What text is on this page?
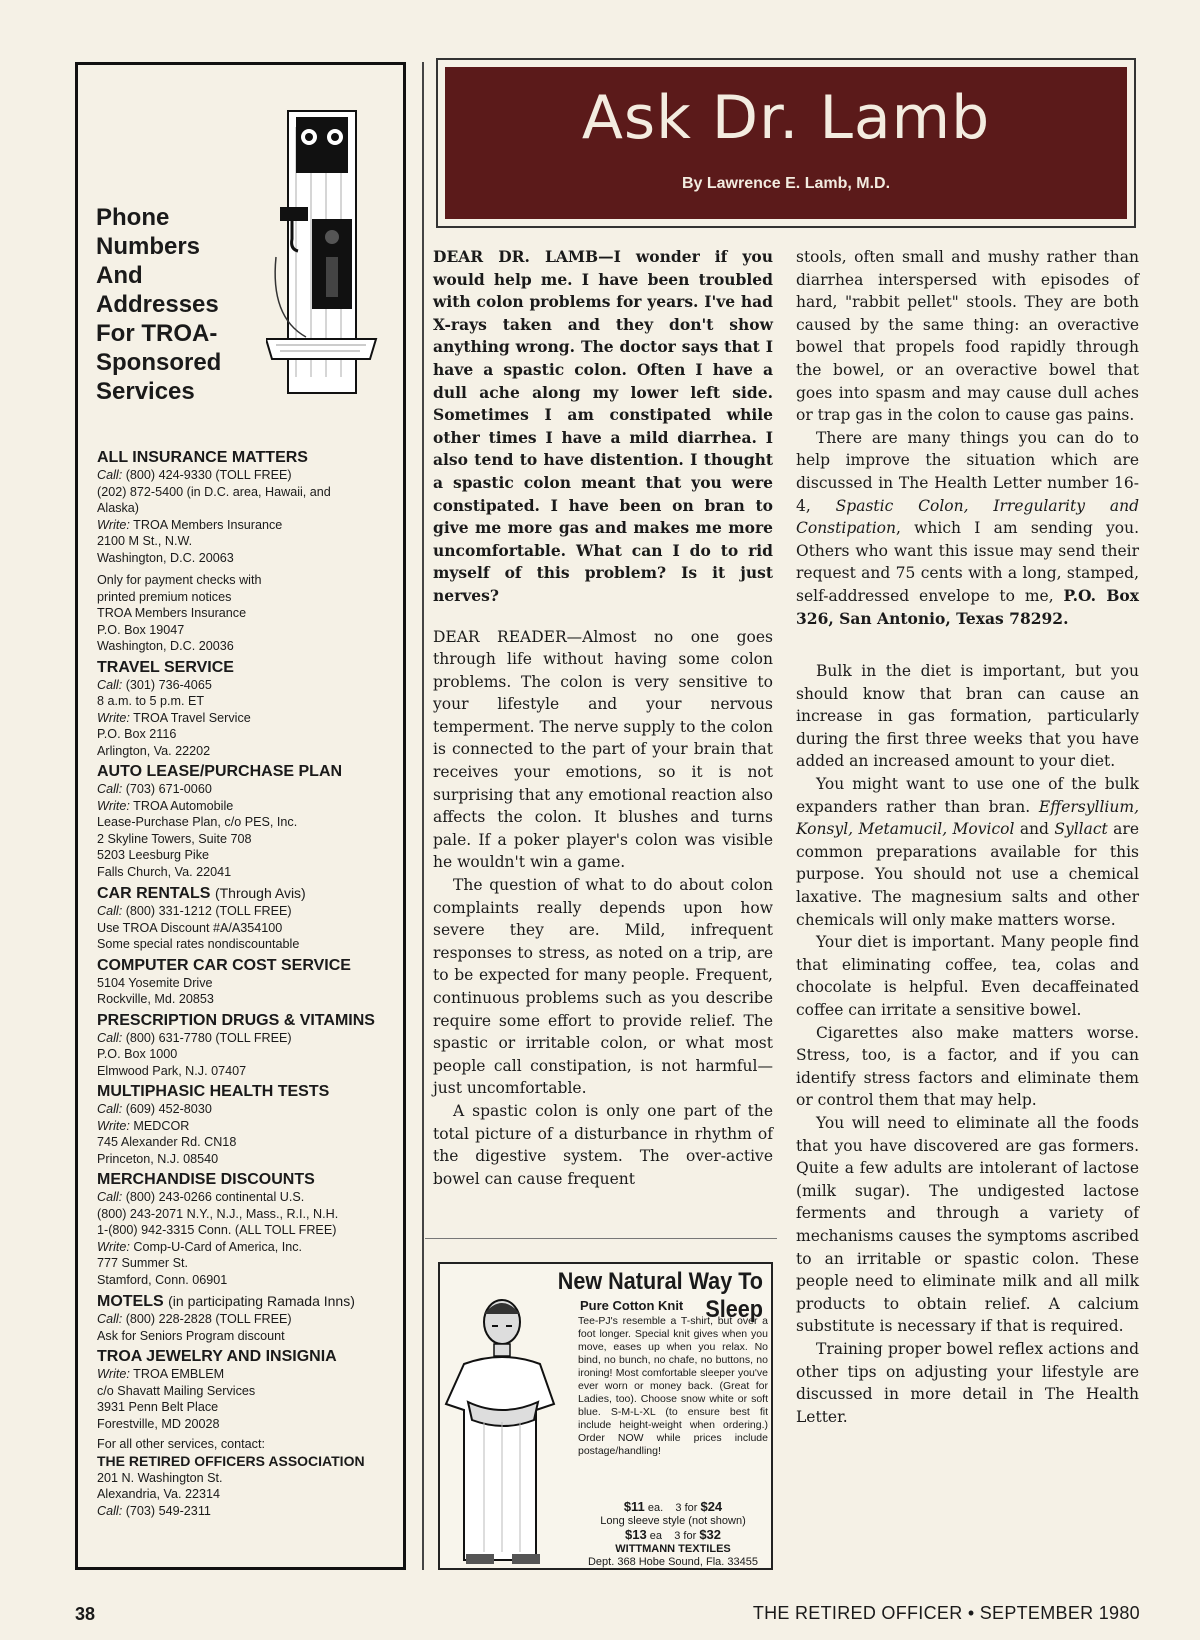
Phone
Numbers
And
Addresses
For TROA-
Sponsored
Services
ALL INSURANCE MATTERS
Call: (800) 424-9330 (TOLL FREE)
(202) 872-5400 (in D.C. area, Hawaii, and
Alaska)
Write: TROA Members Insurance
2100 M St., N.W.
Washington, D.C. 20063
Only for payment checks with
printed premium notices
TROA Members Insurance
P.O. Box 19047
Washington, D.C. 20036
TRAVEL SERVICE
Call: (301) 736-4065
8 a.m. to 5 p.m. ET
Write: TROA Travel Service
P.O. Box 2116
Arlington, Va. 22202
AUTO LEASE/PURCHASE PLAN
Call: (703) 671-0060
Write: TROA Automobile
Lease-Purchase Plan, c/o PES, Inc.
2 Skyline Towers, Suite 708
5203 Leesburg Pike
Falls Church, Va. 22041
CAR RENTALS (Through Avis)
Call: (800) 331-1212 (TOLL FREE)
Use TROA Discount #A/A354100
Some special rates nondiscountable
COMPUTER CAR COST SERVICE
5104 Yosemite Drive
Rockville, Md. 20853
PRESCRIPTION DRUGS & VITAMINS
Call: (800) 631-7780 (TOLL FREE)
P.O. Box 1000
Elmwood Park, N.J. 07407
MULTIPHASIC HEALTH TESTS
Call: (609) 452-8030
Write: MEDCOR
745 Alexander Rd. CN18
Princeton, N.J. 08540
MERCHANDISE DISCOUNTS
Call: (800) 243-0266 continental U.S.
(800) 243-2071 N.Y., N.J., Mass., R.I., N.H.
1-(800) 942-3315 Conn. (ALL TOLL FREE)
Write: Comp-U-Card of America, Inc.
777 Summer St.
Stamford, Conn. 06901
MOTELS (in participating Ramada Inns)
Call: (800) 228-2828 (TOLL FREE)
Ask for Seniors Program discount
TROA JEWELRY AND INSIGNIA
Write: TROA EMBLEM
c/o Shavatt Mailing Services
3931 Penn Belt Place
Forestville, MD 20028
For all other services, contact:
THE RETIRED OFFICERS ASSOCIATION
201 N. Washington St.
Alexandria, Va. 22314
Call: (703) 549-2311
Ask Dr. Lamb
By Lawrence E. Lamb, M.D.

DEAR DR. LAMB—I wonder if you would help me. I have been troubled with colon problems for years. I've had X-rays taken and they don't show anything wrong. The doctor says that I have a spastic colon. Often I have a dull ache along my lower left side. Sometimes I am constipated while other times I have a mild diarrhea. I also tend to have distention. I thought a spastic colon meant that you were constipated. I have been on bran to give me more gas and makes me more uncomfortable. What can I do to rid myself of this problem? Is it just nerves?

DEAR READER—Almost no one goes through life without having some colon problems. The colon is very sensitive to your lifestyle and your nervous temperment. The nerve supply to the colon is connected to the part of your brain that receives your emotions, so it is not surprising that any emotional reaction also affects the colon. It blushes and turns pale. If a poker player's colon was visible he wouldn't win a game.

The question of what to do about colon complaints really depends upon how severe they are. Mild, infrequent responses to stress, as noted on a trip, are to be expected for many people. Frequent, continuous problems such as you describe require some effort to provide relief. The spastic or irritable colon, or what most people call constipation, is not harmful—just uncomfortable.

A spastic colon is only one part of the total picture of a disturbance in rhythm of the digestive system. The over-active bowel can cause frequent

New Natural Way To Sleep
Pure Cotton Knit
Tee-PJ's resemble a T-shirt, but over a foot longer. Special knit gives when you move, eases up when you relax. No bind, no bunch, no chafe, no buttons, no ironing! Most comfortable sleeper you've ever worn or money back. (Great for Ladies, too). Choose snow white or soft blue. S-M-L-XL (to ensure best fit include height-weight when ordering.) Order NOW while prices include postage/handling!
$11 ea. 3 for $24
Long sleeve style (not shown)
$13 ea 3 for $32
WITTMANN TEXTILES
Dept. 368 Hobe Sound, Fla. 33455

stools, often small and mushy rather than diarrhea interspersed with episodes of hard, "rabbit pellet" stools. They are both caused by the same thing: an overactive bowel that propels food rapidly through the bowel, or an overactive bowel that goes into spasm and may cause dull aches or trap gas in the colon to cause gas pains.

There are many things you can do to help improve the situation which are discussed in The Health Letter number 16-4, Spastic Colon, Irregularity and Constipation, which I am sending you. Others who want this issue may send their request and 75 cents with a long, stamped, self-addressed envelope to me, P.O. Box 326, San Antonio, Texas 78292.

Bulk in the diet is important, but you should know that bran can cause an increase in gas formation, particularly during the first three weeks that you have added an increased amount to your diet.

You might want to use one of the bulk expanders rather than bran. Effersyllium, Konsyl, Metamucil, Movicol and Syllact are common preparations available for this purpose. You should not use a chemical laxative. The magnesium salts and other chemicals will only make matters worse.

Your diet is important. Many people find that eliminating coffee, tea, colas and chocolate is helpful. Even decaffeinated coffee can irritate a sensitive bowel.

Cigarettes also make matters worse. Stress, too, is a factor, and if you can identify stress factors and eliminate them or control them that may help.

You will need to eliminate all the foods that you have discovered are gas formers. Quite a few adults are intolerant of lactose (milk sugar). The undigested lactose ferments and through a variety of mechanisms causes the symptoms ascribed to an irritable or spastic colon. These people need to eliminate milk and all milk products to obtain relief. A calcium substitute is necessary if that is required.

Training proper bowel reflex actions and other tips on adjusting your lifestyle are discussed in more detail in The Health Letter.

38	THE RETIRED OFFICER • SEPTEMBER 1980
